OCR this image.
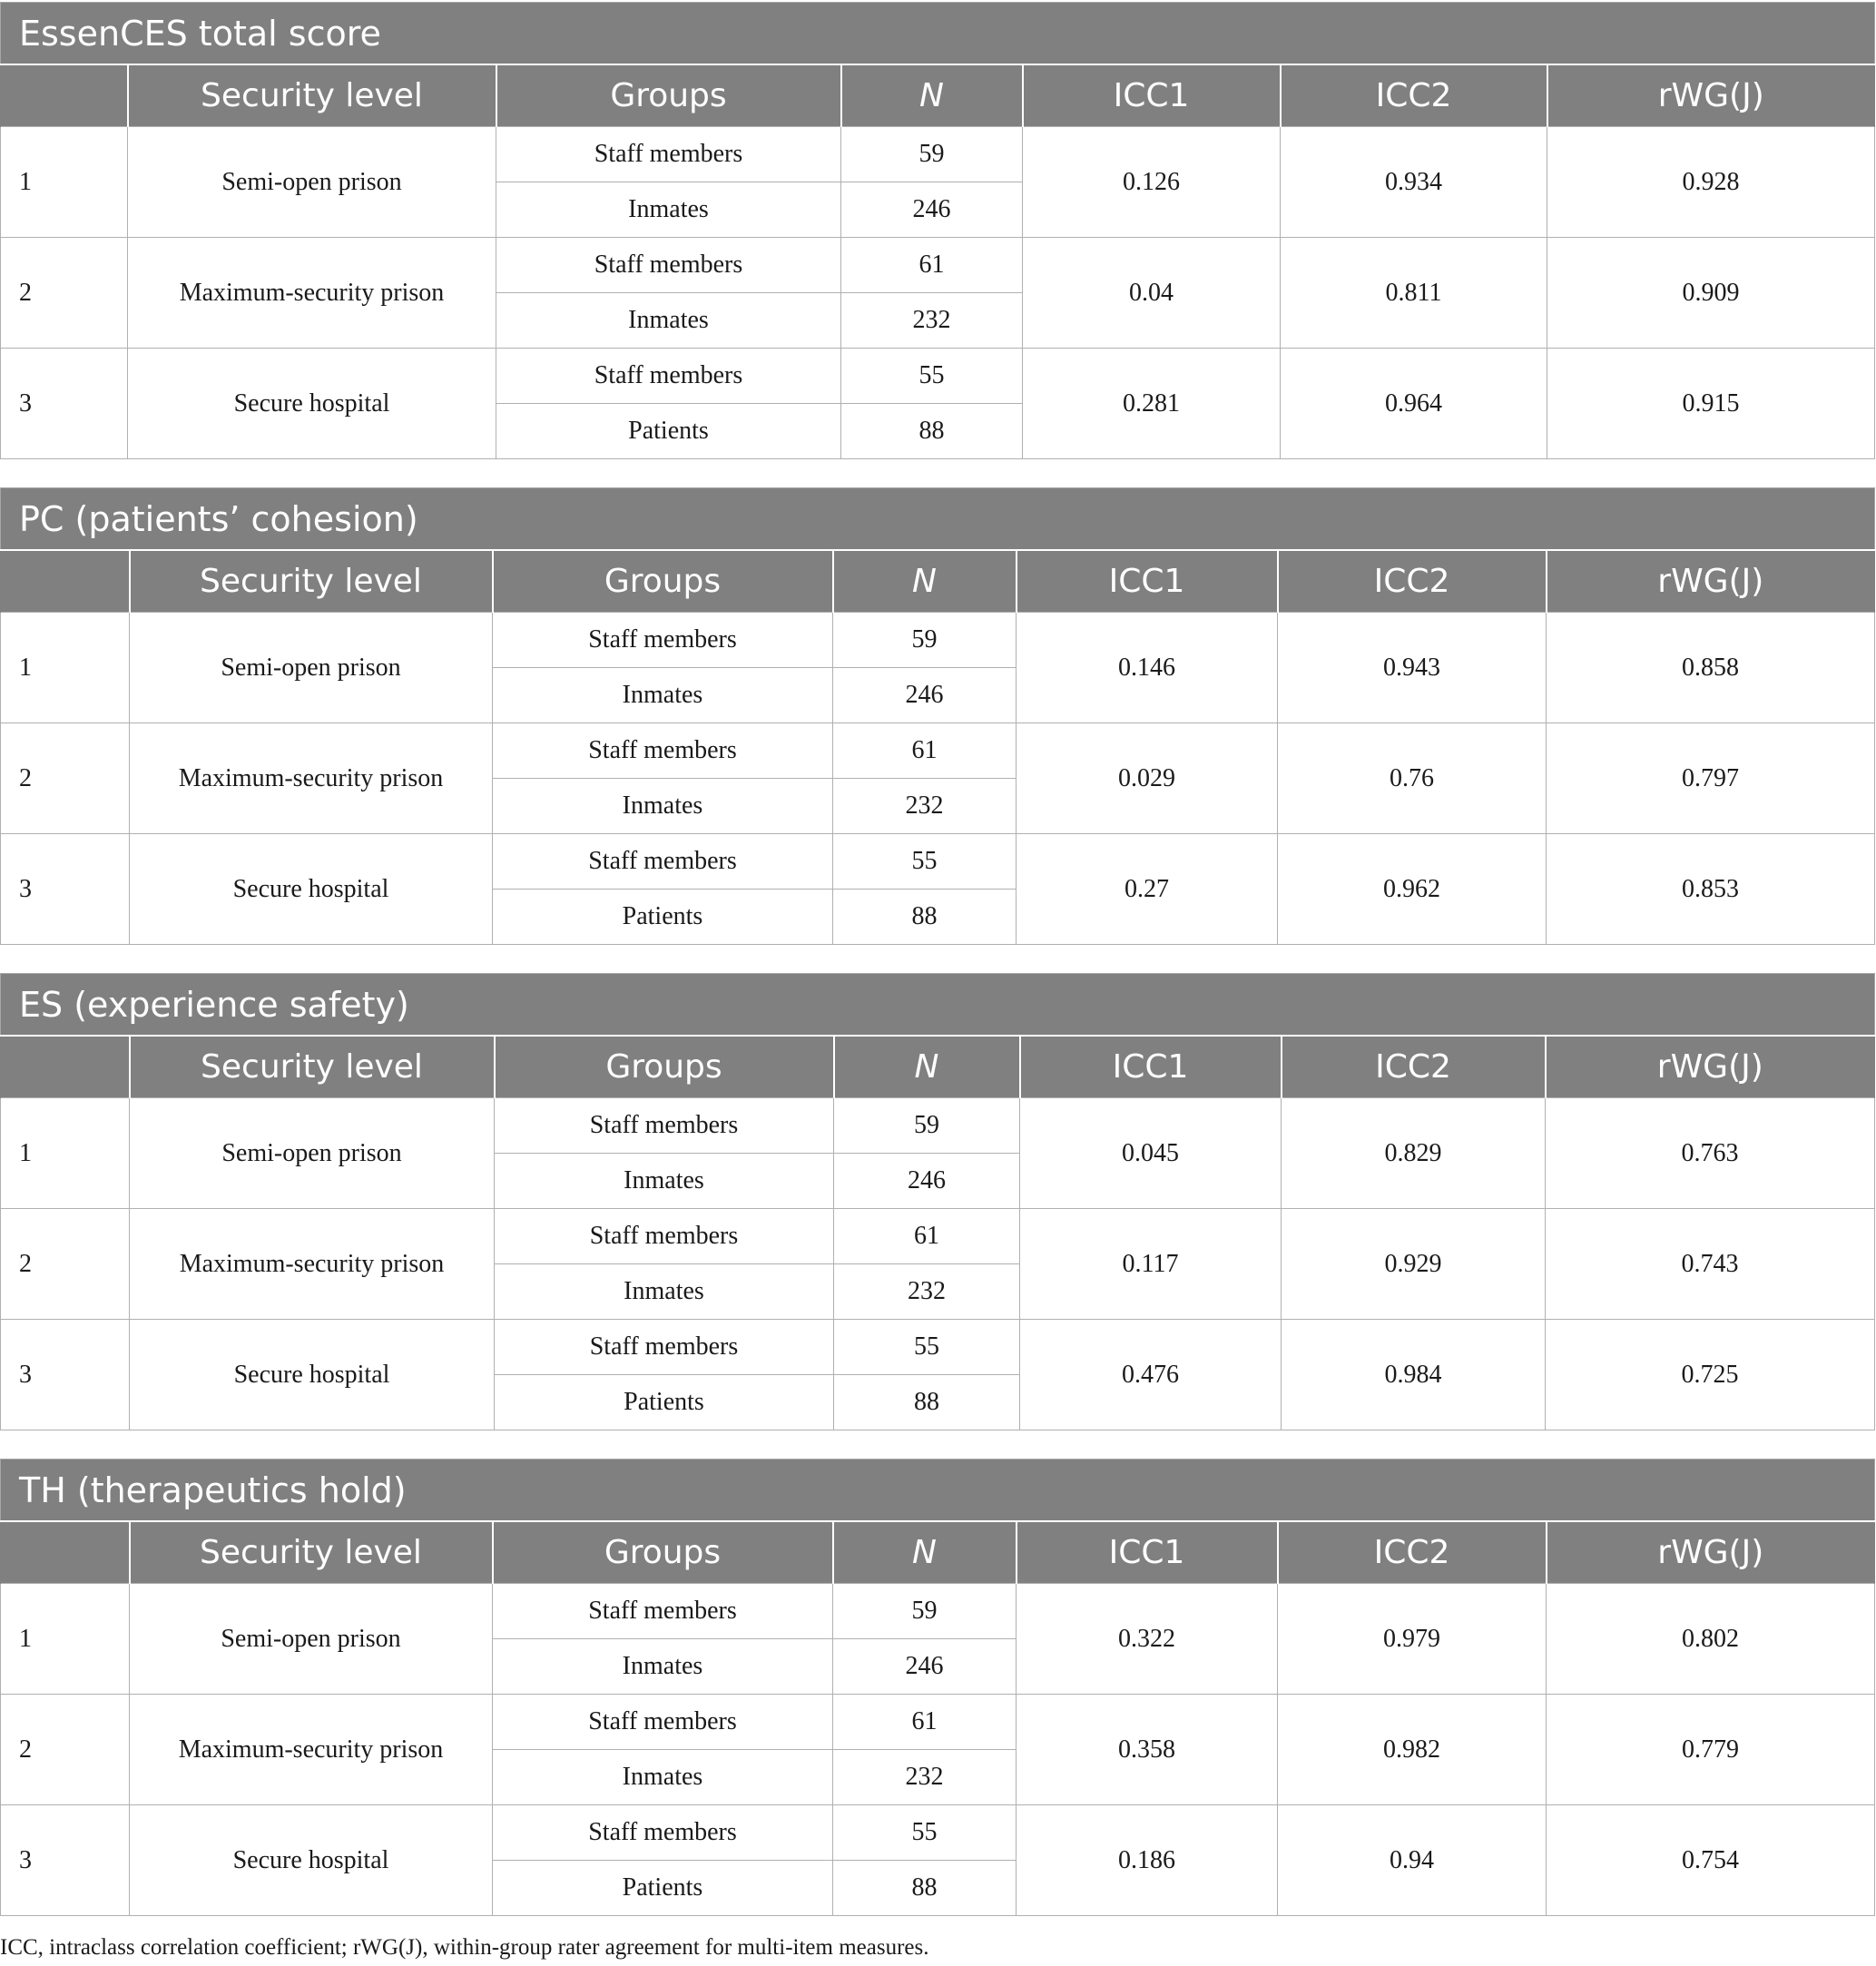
EssenCES total score						
	Security level	Groups	N	ICC1	ICC2	rWG(J)
1	Semi-open prison	Staff members	59	0.126	0.934	0.928
		Inmates	246			
2	Maximum-security prison	Staff members	61	0.04	0.811	0.909
		Inmates	232			
3	Secure hospital	Staff members	55	0.281	0.964	0.915
		Patients	88			
PC (patients’ cohesion)						
	Security level	Groups	N	ICC1	ICC2	rWG(J)
1	Semi-open prison	Staff members	59	0.146	0.943	0.858
		Inmates	246			
2	Maximum-security prison	Staff members	61	0.029	0.76	0.797
		Inmates	232			
3	Secure hospital	Staff members	55	0.27	0.962	0.853
		Patients	88			
ES (experience safety)						
	Security level	Groups	N	ICC1	ICC2	rWG(J)
1	Semi-open prison	Staff members	59	0.045	0.829	0.763
		Inmates	246			
2	Maximum-security prison	Staff members	61	0.117	0.929	0.743
		Inmates	232			
3	Secure hospital	Staff members	55	0.476	0.984	0.725
		Patients	88			
TH (therapeutics hold)						
	Security level	Groups	N	ICC1	ICC2	rWG(J)
1	Semi-open prison	Staff members	59	0.322	0.979	0.802
		Inmates	246			
2	Maximum-security prison	Staff members	61	0.358	0.982	0.779
		Inmates	232			
3	Secure hospital	Staff members	55	0.186	0.94	0.754
		Patients	88			
ICC, intraclass correlation coefficient; rWG(J), within-group rater agreement for multi-item measures.
